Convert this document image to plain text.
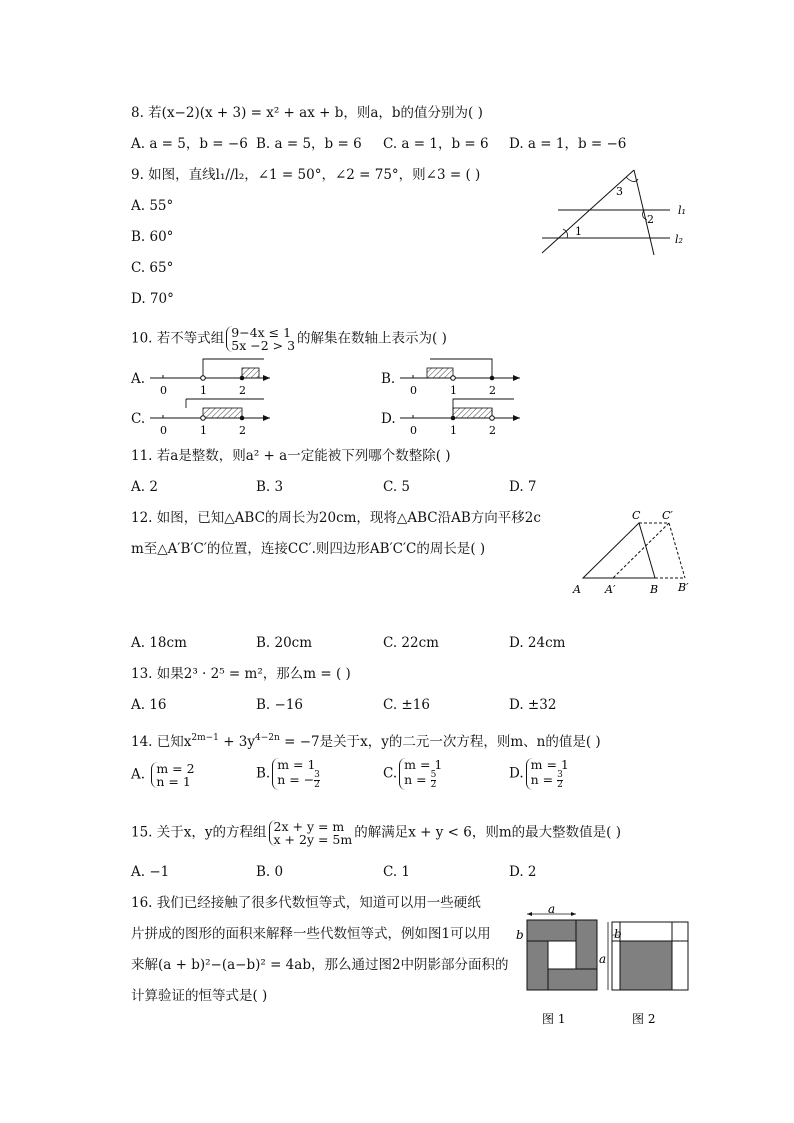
8. 若(x−2)(x + 3) = x² + ax + b，则a，b的值分别为( )
A. a = 5，b = −6 B. a = 5，b = 6 C. a = 1，b = 6 D. a = 1，b = −6
9. 如图，直线l₁//l₂，∠1 = 50°，∠2 = 75°，则∠3 = ( )
A. 55°
B. 60°
C. 65°
D. 70°
3
2
1
l₁
l₂
10. 若不等式组 9−4x ≤ 1
5x −2 > 3 的解集在数轴上表示为( )
A.	B.
C.	D.
0	1	2	0	1	2
0	1	2	0	1	2
11. 若a是整数，则a² + a一定能被下列哪个数整除( )
A. 2	B. 3	C. 5	D. 7
12. 如图，已知△ABC的周长为20cm，现将△ABC沿AB方向平移2c
m至△A′B′C′的位置，连接CC′.则四边形AB′C′C的周长是( )
C C′
A A′	B B′
A. 18cm	B. 20cm	C. 22cm	D. 24cm
13. 如果2³ · 2⁵ = m²，那么m = ( )
A. 16	B. −16	C. ±16	D. ±32
14. 已知$x^{2m-1} + 3y^{4-2n} = -7$是关于x，y的二元一次方程，则m、n的值是( )
A. m = 2
n = 1	B.
m = 1
n = − $\frac{3}{2}$	C.
m = 1
$n = \frac{5}{2}$	D.
m = 1
$n = \frac{3}{2}$
15. 关于x，y的方程组 2x + y = m
x + 2y = 5m 的解满足x + y < 6，则m的最大整数值是( )
A. −1	B. 0	C. 1	D. 2
16. 我们已经接触了很多代数恒等式，知道可以用一些硬纸
片拼成的图形的面积来解释一些代数恒等式，例如图1可以用
来解(a + b)²−(a−b)² = 4ab，那么通过图2中阴影部分面积的
计算验证的恒等式是( )
a
b
图 1
b
a
图 2
